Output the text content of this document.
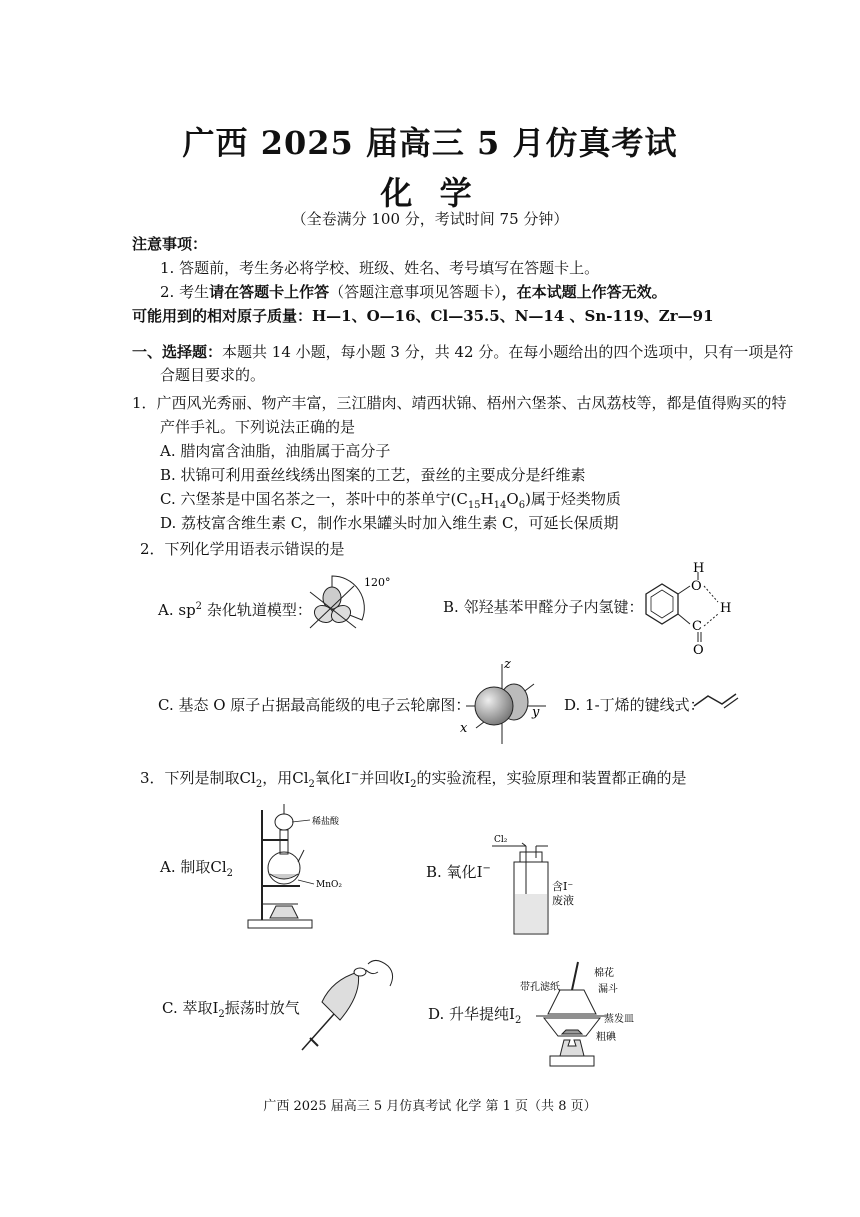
广西 2025 届高三 5 月仿真考试
化 学
（全卷满分 100 分，考试时间 75 分钟）
注意事项：
1. 答题前，考生务必将学校、班级、姓名、考号填写在答题卡上。
2. 考生请在答题卡上作答（答题注意事项见答题卡），在本试题上作答无效。
可能用到的相对原子质量：H—1、O—16、Cl—35.5、N—14 、Sn-119、Zr—91
一、选择题：本题共 14 小题，每小题 3 分，共 42 分。在每小题给出的四个选项中，只有一项是符
合题目要求的。
1．广西风光秀丽、物产丰富，三江腊肉、靖西状锦、梧州六堡茶、古凤荔枝等，都是值得购买的特
产伴手礼。下列说法正确的是
A. 腊肉富含油脂，油脂属于高分子
B. 状锦可利用蚕丝线绣出图案的工艺，蚕丝的主要成分是纤维素
C. 六堡茶是中国名茶之一，茶叶中的茶单宁$(C_{15}H_{14}O_6)$属于烃类物质
D. 荔枝富含维生素 C，制作水果罐头时加入维生素 C，可延长保质期
2．下列化学用语表示错误的是
A. $sp^2$ 杂化轨道模型：
120°
B. 邻羟基苯甲醛分子内氢键：
H
O
H
C
O
C. 基态 O 原子占据最高能级的电子云轮廓图：
z
y
x
D. 1-丁烯的键线式：
3．下列是制取$Cl_2$，用$Cl_2$氧化I−并回收$I_2$的实验流程，实验原理和装置都正确的是
A. 制取$Cl_2$
稀盐酸
MnO₂
B. 氧化I−
Cl₂
含I⁻
废液
C. 萃取$I_2$振荡时放气	D. 升华提纯$I_2$
棉花
带孔滤纸	漏斗
蒸发皿
粗碘
广西 2025 届高三 5 月仿真考试 化学 第 1 页（共 8 页）
